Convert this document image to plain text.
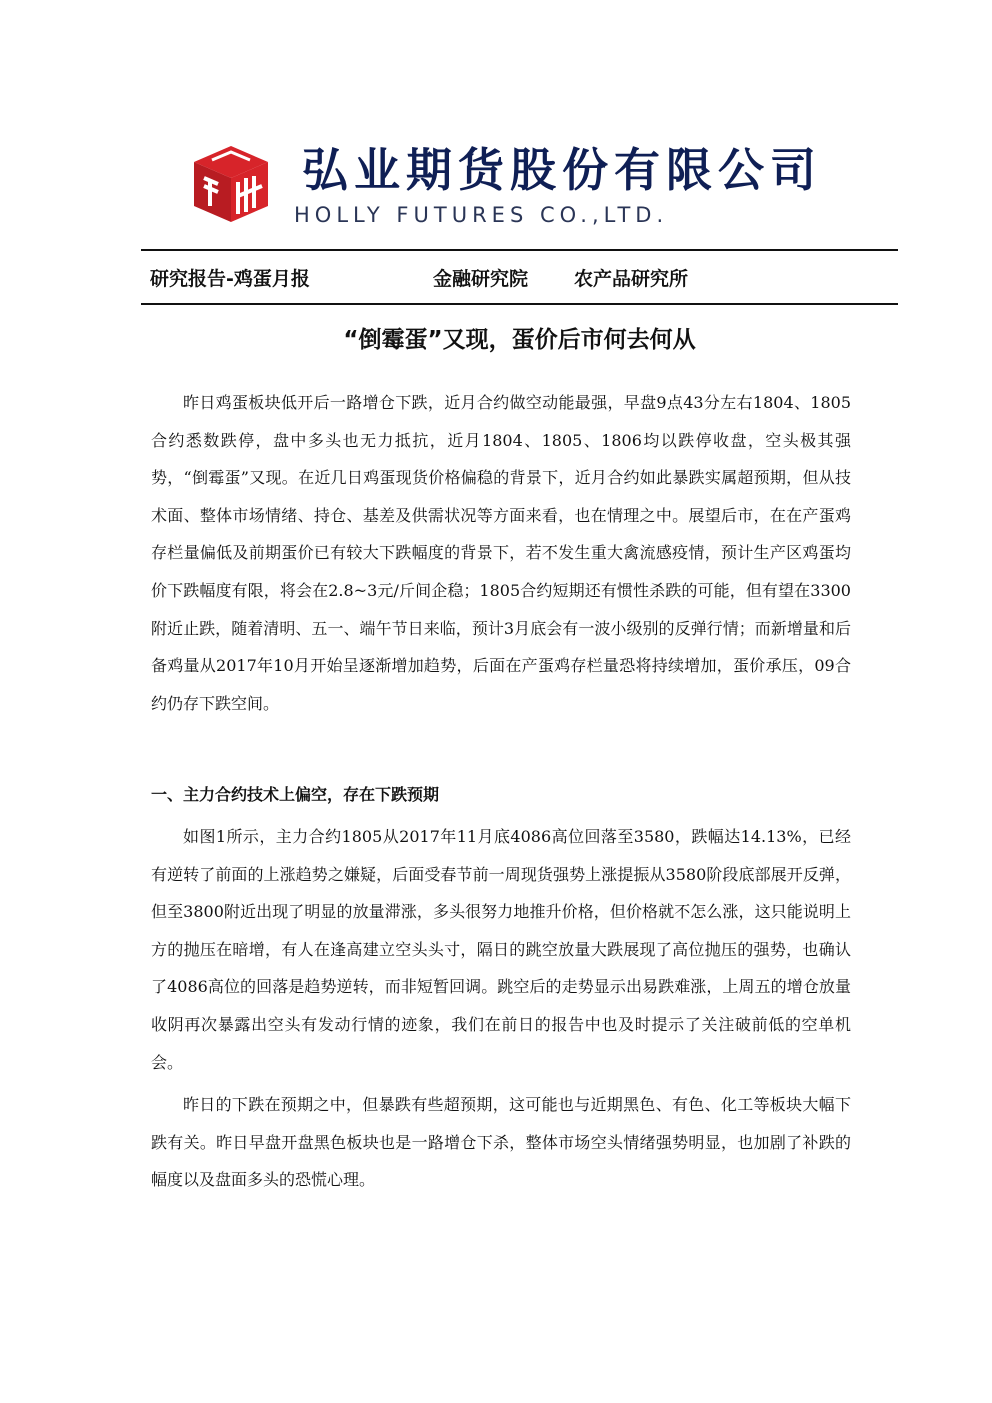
弘业期货股份有限公司
HOLLY FUTURES CO.,LTD.
研究报告-鸡蛋月报	金融研究院 农产品研究所
“倒霉蛋”又现，蛋价后市何去何从

昨日鸡蛋板块低开后一路增仓下跌，近月合约做空动能最强，早盘9点43分左右1804、1805合约悉数跌停，盘中多头也无力抵抗，近月1804、1805、1806均以跌停收盘，空头极其强势，“倒霉蛋”又现。在近几日鸡蛋现货价格偏稳的背景下，近月合约如此暴跌实属超预期，但从技术面、整体市场情绪、持仓、基差及供需状况等方面来看，也在情理之中。展望后市，在在产蛋鸡存栏量偏低及前期蛋价已有较大下跌幅度的背景下，若不发生重大禽流感疫情，预计生产区鸡蛋均价下跌幅度有限，将会在2.8~3元/斤间企稳；1805合约短期还有惯性杀跌的可能，但有望在3300附近止跌，随着清明、五一、端午节日来临，预计3月底会有一波小级别的反弹行情；而新增量和后备鸡量从2017年10月开始呈逐渐增加趋势，后面在产蛋鸡存栏量恐将持续增加，蛋价承压，09合约仍存下跌空间。

一、主力合约技术上偏空，存在下跌预期

如图1所示，主力合约1805从2017年11月底4086高位回落至3580，跌幅达14.13%，已经有逆转了前面的上涨趋势之嫌疑，后面受春节前一周现货强势上涨提振从3580阶段底部展开反弹，但至3800附近出现了明显的放量滞涨，多头很努力地推升价格，但价格就不怎么涨，这只能说明上方的抛压在暗增，有人在逢高建立空头头寸，隔日的跳空放量大跌展现了高位抛压的强势，也确认了4086高位的回落是趋势逆转，而非短暂回调。跳空后的走势显示出易跌难涨，上周五的增仓放量收阴再次暴露出空头有发动行情的迹象，我们在前日的报告中也及时提示了关注破前低的空单机会。

昨日的下跌在预期之中，但暴跌有些超预期，这可能也与近期黑色、有色、化工等板块大幅下跌有关。昨日早盘开盘黑色板块也是一路增仓下杀，整体市场空头情绪强势明显，也加剧了补跌的幅度以及盘面多头的恐慌心理。
